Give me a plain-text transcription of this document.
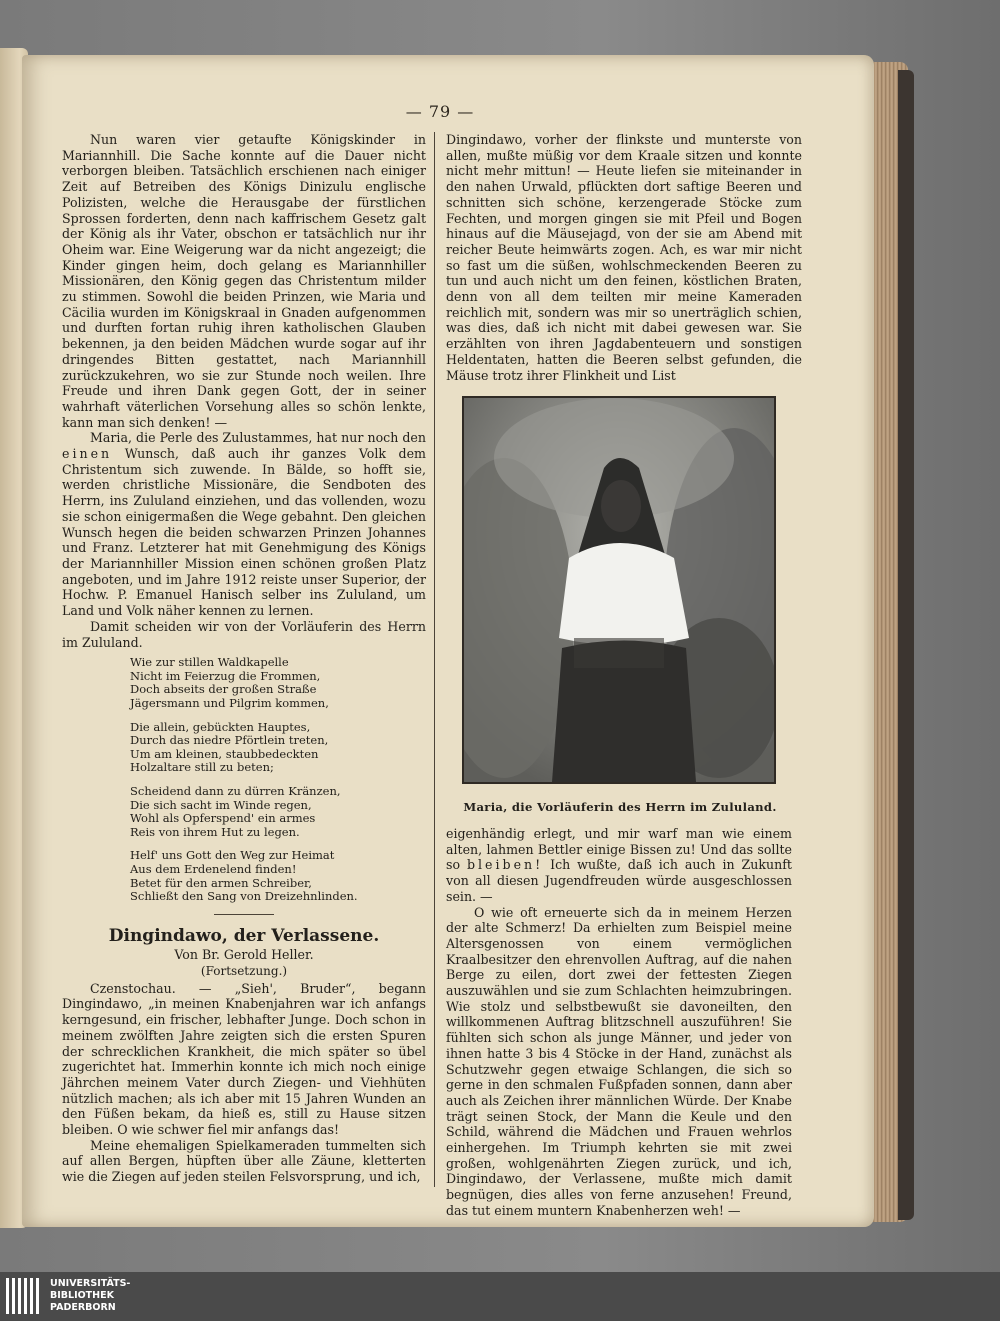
— 79 —

Nun waren vier getaufte Königskinder in Mariannhill. Die Sache konnte auf die Dauer nicht verborgen bleiben. Tatsächlich erschienen nach einiger Zeit auf Betreiben des Königs Dinizulu englische Polizisten, welche die Herausgabe der fürstlichen Sprossen forderten, denn nach kaffrischem Gesetz galt der König als ihr Vater, obschon er tatsächlich nur ihr Oheim war. Eine Weigerung war da nicht angezeigt; die Kinder gingen heim, doch gelang es Mariannhiller Missionären, den König gegen das Christentum milder zu stimmen. Sowohl die beiden Prinzen, wie Maria und Cäcilia wurden im Königskraal in Gnaden aufgenommen und durften fortan ruhig ihren katholischen Glauben bekennen, ja den beiden Mädchen wurde sogar auf ihr dringendes Bitten gestattet, nach Mariannhill zurückzukehren, wo sie zur Stunde noch weilen. Ihre Freude und ihren Dank gegen Gott, der in seiner wahrhaft väterlichen Vorsehung alles so schön lenkte, kann man sich denken! —

Maria, die Perle des Zulustammes, hat nur noch den einen Wunsch, daß auch ihr ganzes Volk dem Christentum sich zuwende. In Bälde, so hofft sie, werden christliche Missionäre, die Sendboten des Herrn, ins Zululand einziehen, und das vollenden, wozu sie schon einigermaßen die Wege gebahnt. Den gleichen Wunsch hegen die beiden schwarzen Prinzen Johannes und Franz. Letzterer hat mit Genehmigung des Königs der Mariannhiller Mission einen schönen großen Platz angeboten, und im Jahre 1912 reiste unser Superior, der Hochw. P. Emanuel Hanisch selber ins Zululand, um Land und Volk näher kennen zu lernen.

Damit scheiden wir von der Vorläuferin des Herrn im Zululand.

Wie zur stillen Waldkapelle
Nicht im Feierzug die Frommen,
Doch abseits der großen Straße
Jägersmann und Pilgrim kommen,
Die allein, gebückten Hauptes,
Durch das niedre Pförtlein treten,
Um am kleinen, staubbedeckten
Holzaltare still zu beten;
Scheidend dann zu dürren Kränzen,
Die sich sacht im Winde regen,
Wohl als Opferspend' ein armes
Reis von ihrem Hut zu legen.
Helf' uns Gott den Weg zur Heimat
Aus dem Erdenelend finden!
Betet für den armen Schreiber,
Schließt den Sang von Dreizehnlinden.
Dingindawo, der Verlassene.
Von Br. Gerold Heller.
(Fortsetzung.)

Czenstochau. — „Sieh', Bruder“, begann Dingindawo, „in meinen Knabenjahren war ich anfangs kerngesund, ein frischer, lebhafter Junge. Doch schon in meinem zwölften Jahre zeigten sich die ersten Spuren der schrecklichen Krankheit, die mich später so übel zugerichtet hat. Immerhin konnte ich mich noch einige Jährchen meinem Vater durch Ziegen- und Viehhüten nützlich machen; als ich aber mit 15 Jahren Wunden an den Füßen bekam, da hieß es, still zu Hause sitzen bleiben. O wie schwer fiel mir anfangs das!

Meine ehemaligen Spielkameraden tummelten sich auf allen Bergen, hüpften über alle Zäune, kletterten wie die Ziegen auf jeden steilen Felsvorsprung, und ich,

Dingindawo, vorher der flinkste und munterste von allen, mußte müßig vor dem Kraale sitzen und konnte nicht mehr mittun! — Heute liefen sie miteinander in den nahen Urwald, pflückten dort saftige Beeren und schnitten sich schöne, kerzengerade Stöcke zum Fechten, und morgen gingen sie mit Pfeil und Bogen hinaus auf die Mäusejagd, von der sie am Abend mit reicher Beute heimwärts zogen. Ach, es war mir nicht so fast um die süßen, wohlschmeckenden Beeren zu tun und auch nicht um den feinen, köstlichen Braten, denn von all dem teilten mir meine Kameraden reichlich mit, sondern was mir so unerträglich schien, was dies, daß ich nicht mit dabei gewesen war. Sie erzählten von ihren Jagdabenteuern und sonstigen Heldentaten, hatten die Beeren selbst gefunden, die Mäuse trotz ihrer Flinkheit und List

Maria, die Vorläuferin des Herrn im Zululand.

eigenhändig erlegt, und mir warf man wie einem alten, lahmen Bettler einige Bissen zu! Und das sollte so bleiben! Ich wußte, daß ich auch in Zukunft von all diesen Jugendfreuden würde ausgeschlossen sein. —

O wie oft erneuerte sich da in meinem Herzen der alte Schmerz! Da erhielten zum Beispiel meine Altersgenossen von einem vermöglichen Kraalbesitzer den ehrenvollen Auftrag, auf die nahen Berge zu eilen, dort zwei der fettesten Ziegen auszuwählen und sie zum Schlachten heimzubringen. Wie stolz und selbstbewußt sie davoneilten, den willkommenen Auftrag blitzschnell auszuführen! Sie fühlten sich schon als junge Männer, und jeder von ihnen hatte 3 bis 4 Stöcke in der Hand, zunächst als Schutzwehr gegen etwaige Schlangen, die sich so gerne in den schmalen Fußpfaden sonnen, dann aber auch als Zeichen ihrer männlichen Würde. Der Knabe trägt seinen Stock, der Mann die Keule und den Schild, während die Mädchen und Frauen wehrlos einhergehen. Im Triumph kehrten sie mit zwei großen, wohlgenährten Ziegen zurück, und ich, Dingindawo, der Verlassene, mußte mich damit begnügen, dies alles von ferne anzusehen! Freund, das tut einem muntern Knabenherzen weh! —

UNIVERSITÄTS-
BIBLIOTHEK
PADERBORN
